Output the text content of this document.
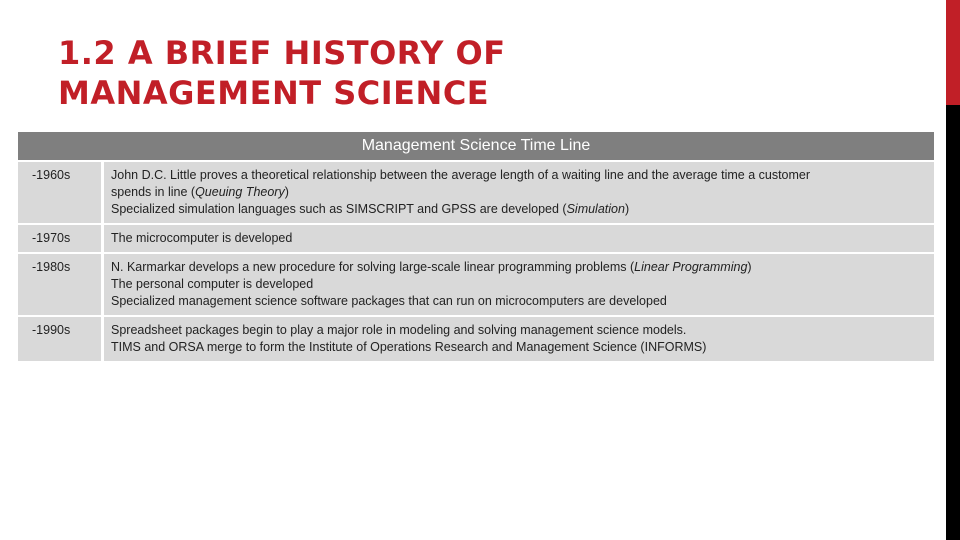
1.2 A BRIEF HISTORY OF
MANAGEMENT SCIENCE
Management Science Time Line	
-1960s	John D.C. Little proves a theoretical relationship between the average length of a waiting line and the average time a customer
spends in line (Queuing Theory)
Specialized simulation languages such as SIMSCRIPT and GPSS are developed (Simulation)

-1970s	The microcomputer is developed

-1980s	N. Karmarkar develops a new procedure for solving large-scale linear programming problems (Linear Programming)
The personal computer is developed
Specialized management science software packages that can run on microcomputers are developed

-1990s	Spreadsheet packages begin to play a major role in modeling and solving management science models.
TIMS and ORSA merge to form the Institute of Operations Research and Management Science (INFORMS)
